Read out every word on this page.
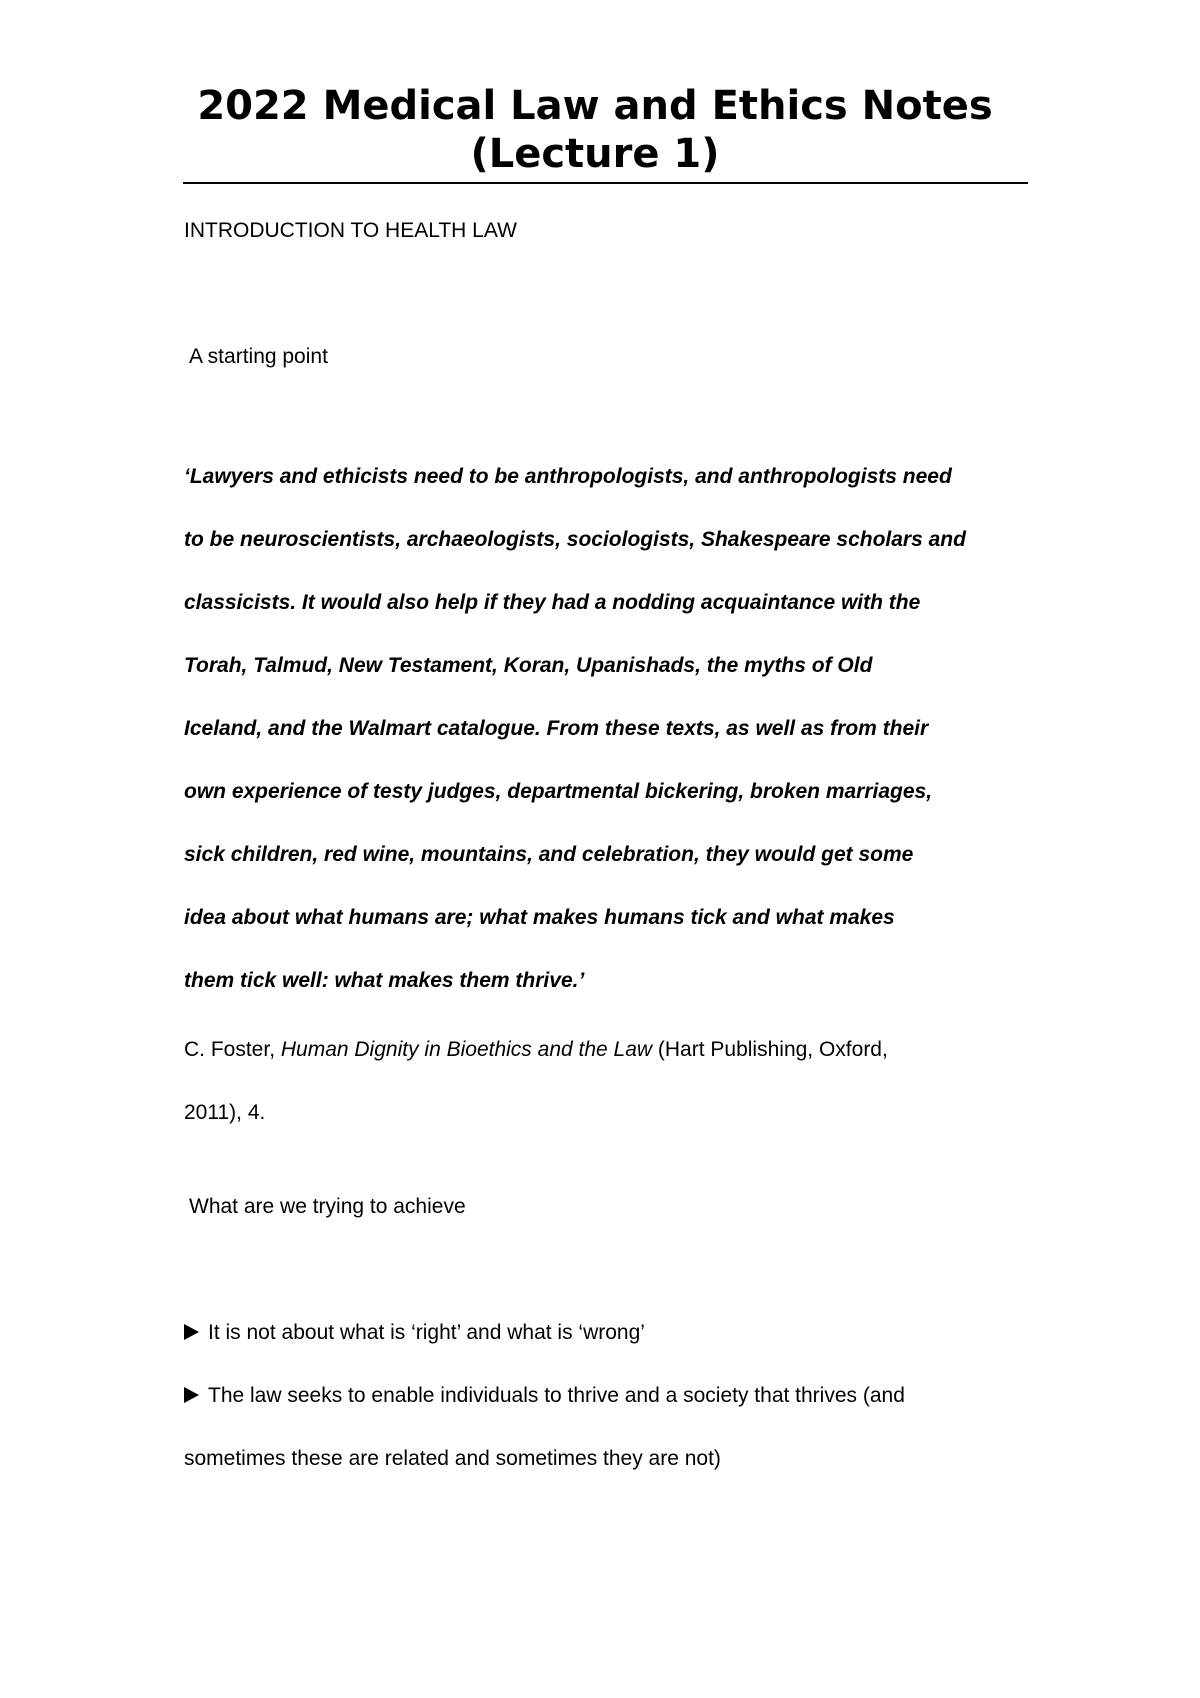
2022 Medical Law and Ethics Notes
(Lecture 1)

INTRODUCTION TO HEALTH LAW

A starting point

‘Lawyers and ethicists need to be anthropologists, and anthropologists need
to be neuroscientists, archaeologists, sociologists, Shakespeare scholars and
classicists. It would also help if they had a nodding acquaintance with the
Torah, Talmud, New Testament, Koran, Upanishads, the myths of Old
Iceland, and the Walmart catalogue. From these texts, as well as from their
own experience of testy judges, departmental bickering, broken marriages,
sick children, red wine, mountains, and celebration, they would get some
idea about what humans are; what makes humans tick and what makes
them tick well: what makes them thrive.’

C. Foster, Human Dignity in Bioethics and the Law (Hart Publishing, Oxford,
2011), 4.

What are we trying to achieve

It is not about what is ‘right’ and what is ‘wrong’
The law seeks to enable individuals to thrive and a society that thrives (and
sometimes these are related and sometimes they are not)
